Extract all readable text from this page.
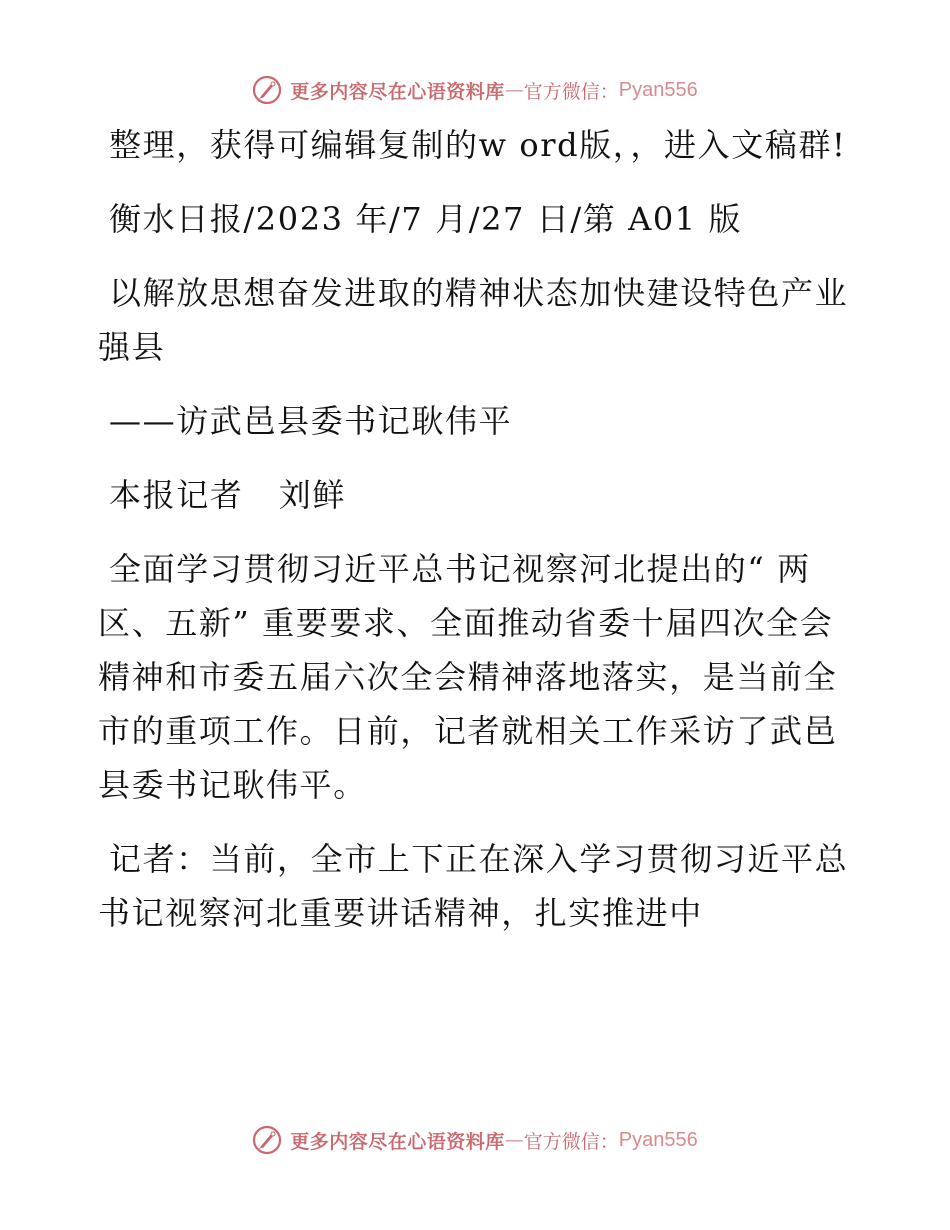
更多内容尽在心语资料库 — 官方微信： Pyan556

整理，获得可编辑复制的w ord版，，进入文稿群!

衡水日报/2023 年/7 月/27 日/第 A01 版

以解放思想奋发进取的精神状态加快建设特色产业强县

——访武邑县委书记耿伟平

本报记者   刘鲜

全面学习贯彻习近平总书记视察河北提出的“ 两区、五新” 重要要求、全面推动省委十届四次全会精神和市委五届六次全会精神落地落实，是当前全市的重项工作。日前，记者就相关工作采访了武邑县委书记耿伟平。

记者：当前，全市上下正在深入学习贯彻习近平总书记视察河北重要讲话精神，扎实推进中

更多内容尽在心语资料库 — 官方微信： Pyan556
